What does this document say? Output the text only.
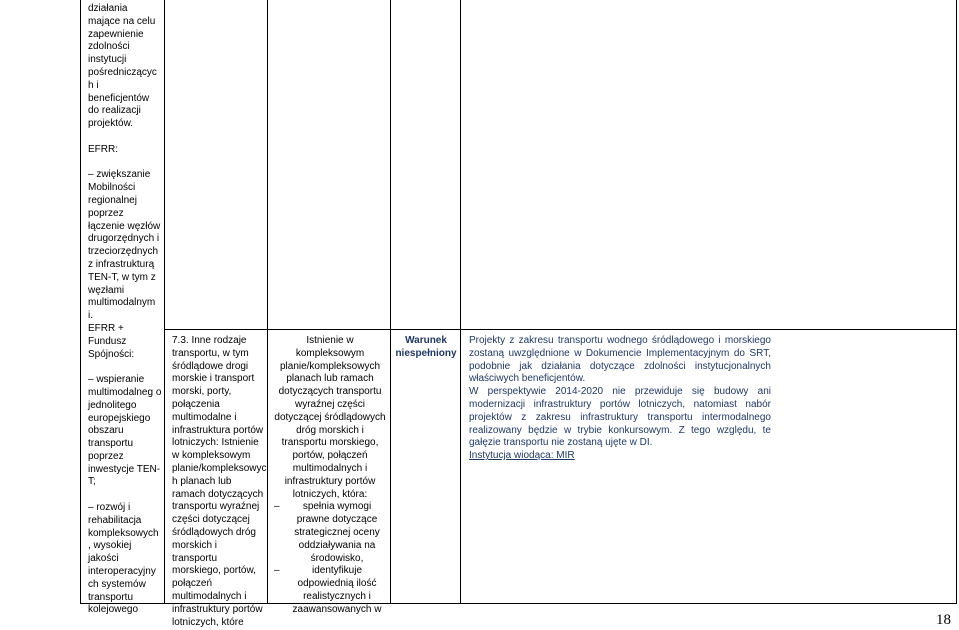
działania mające na celu zapewnienie zdolności instytucji pośredniczącyc h i beneficjentów do realizacji projektów.

EFRR:

– zwiększanie Mobilności regionalnej poprzez łączenie węzłów drugorzędnych i trzeciorzędnych z infrastrukturą TEN-T, w tym z węzłami multimodalnym i.

EFRR + Fundusz Spójności:

– wspieranie multimodalneg o jednolitego europejskiego obszaru transportu poprzez inwestycje TEN-T;

– rozwój i rehabilitacja kompleksowych , wysokiej jakości interoperacyjny ch systemów transportu kolejowego

7.3. Inne rodzaje transportu, w tym śródlądowe drogi morskie i transport morski, porty, połączenia multimodalne i infrastruktura portów lotniczych: Istnienie w kompleksowym planie/kompleksowyc h planach lub ramach dotyczących transportu wyraźnej części dotyczącej śródlądowych dróg morskich i transportu morskiego, portów, połączeń multimodalnych i infrastruktury portów lotniczych, które

Istnienie w kompleksowym planie/kompleksowych planach lub ramach dotyczących transportu wyraźnej części dotyczącej śródlądowych dróg morskich i transportu morskiego, portów, połączeń multimodalnych i infrastruktury portów lotniczych, która:

–	spełnia wymogi prawne dotyczące strategicznej oceny oddziaływania na środowisko,
–	identyfikuje odpowiednią ilość realistycznych i zaawansowanych w

Warunek niespełniony

Projekty z zakresu transportu wodnego śródlądowego i morskiego zostaną uwzględnione w Dokumencie Implementacyjnym do SRT, podobnie jak działania dotyczące zdolności instytucjonalnych właściwych beneficjentów.

W perspektywie 2014-2020 nie przewiduje się budowy ani modernizacji infrastruktury portów lotniczych, natomiast nabór projektów z zakresu infrastruktury transportu intermodalnego realizowany będzie w trybie konkursowym. Z tego względu, te gałęzie transportu nie zostaną ujęte w DI.

Instytucja wiodąca: MIR

18
